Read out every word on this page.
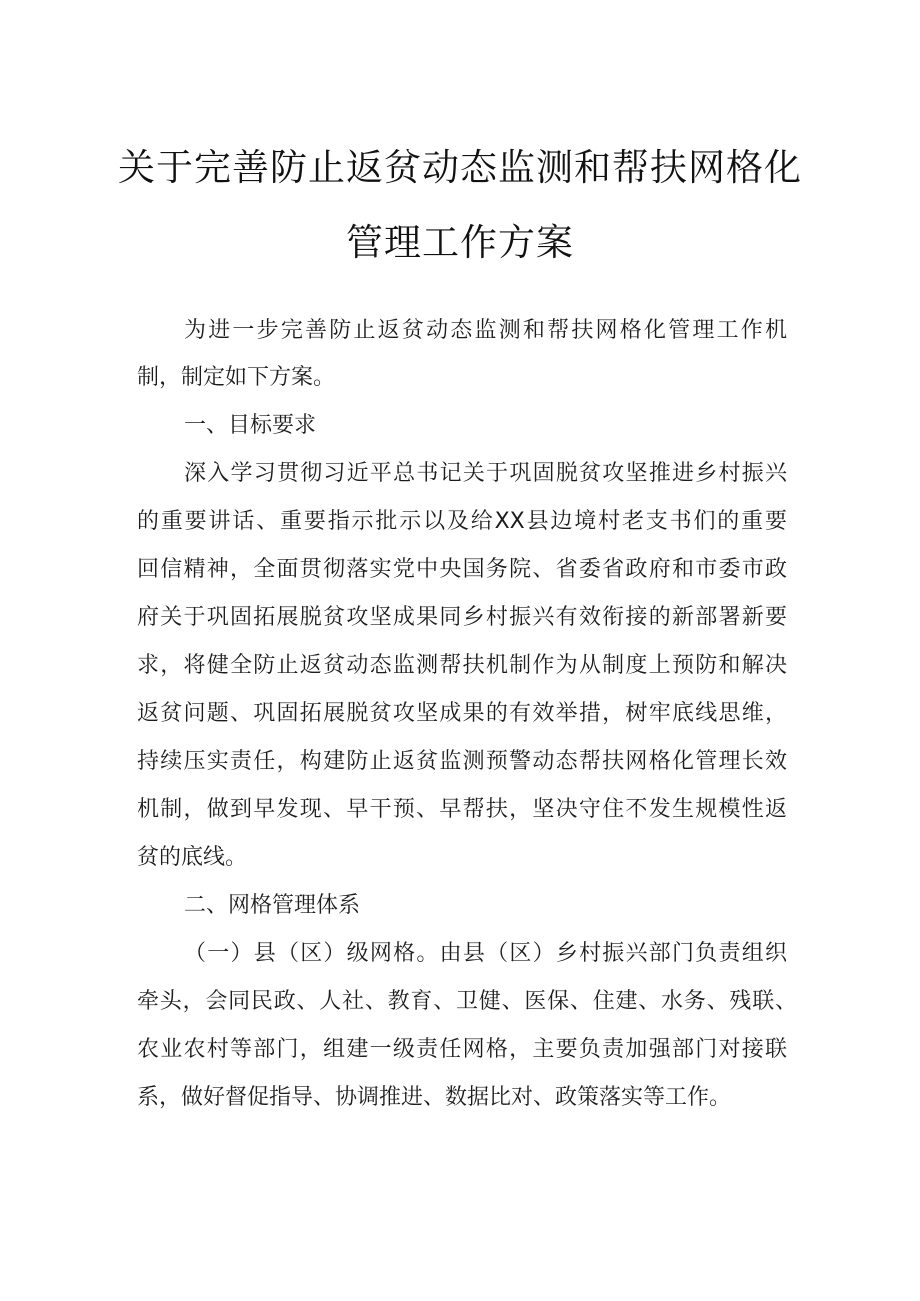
关于完善防止返贫动态监测和帮扶网格化
管理工作方案
为进一步完善防止返贫动态监测和帮扶网格化管理工作机
制，制定如下方案。
一、目标要求
深入学习贯彻习近平总书记关于巩固脱贫攻坚推进乡村振兴
的重要讲话、重要指示批示以及给XX县边境村老支书们的重要
回信精神，全面贯彻落实党中央国务院、省委省政府和市委市政
府关于巩固拓展脱贫攻坚成果同乡村振兴有效衔接的新部署新要
求，将健全防止返贫动态监测帮扶机制作为从制度上预防和解决
返贫问题、巩固拓展脱贫攻坚成果的有效举措，树牢底线思维，
持续压实责任，构建防止返贫监测预警动态帮扶网格化管理长效
机制，做到早发现、早干预、早帮扶，坚决守住不发生规模性返
贫的底线。
二、网格管理体系
（一）县（区）级网格。由县（区）乡村振兴部门负责组织
牵头，会同民政、人社、教育、卫健、医保、住建、水务、残联、
农业农村等部门，组建一级责任网格，主要负责加强部门对接联
系，做好督促指导、协调推进、数据比对、政策落实等工作。
